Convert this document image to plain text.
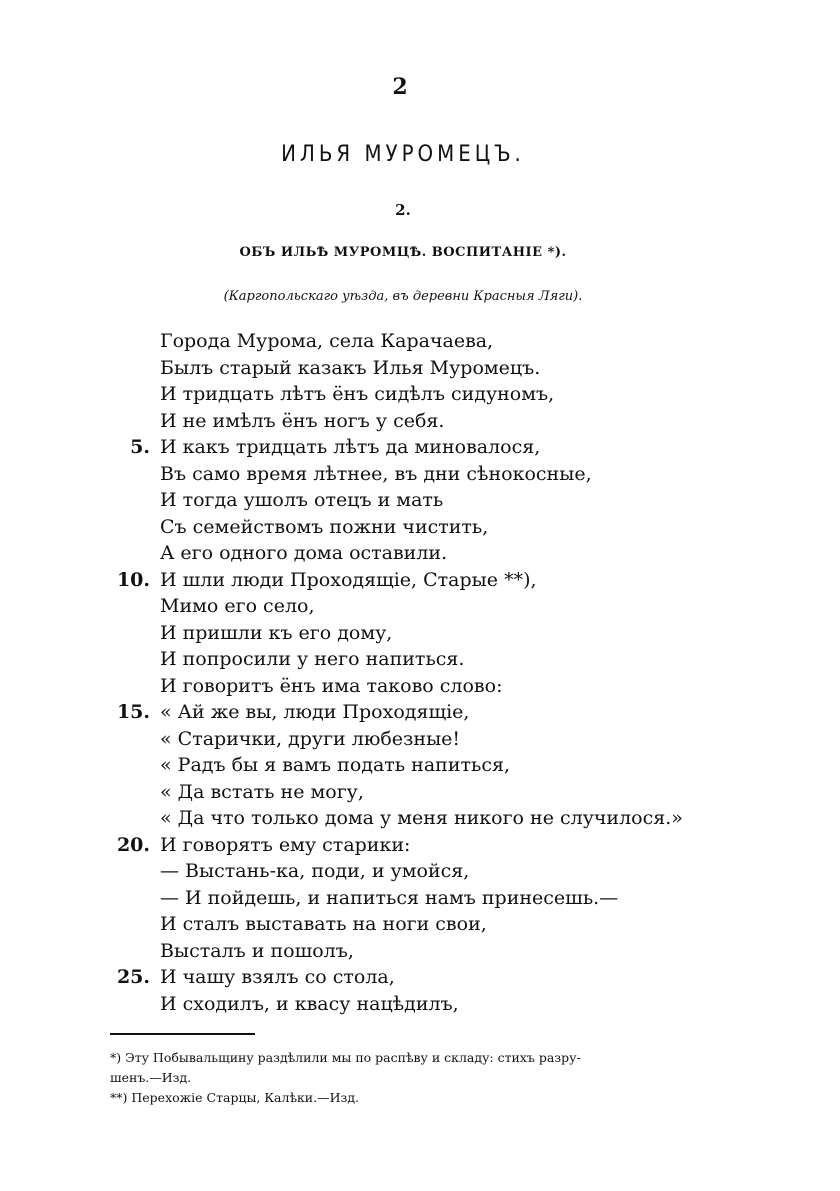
2
ИЛЬЯ МУРОМЕЦЪ.
2.
ОБЪ ИЛЬѢ МУРОМЦѢ. ВОСПИТАНІЕ *).
(Каргопольскаго уѣзда, въ деревни Красныя Ляги).
Города Мурома, села Карачаева,
Былъ старый казакъ Илья Муромецъ.
И тридцать лѣтъ ёнъ сидѣлъ сидуномъ,
И не имѣлъ ёнъ ногъ у себя.
5. И какъ тридцать лѣтъ да миновалося,
Въ само время лѣтнее, въ дни сѣнокосные,
И тогда ушолъ отецъ и мать
Съ семействомъ пожни чистить,
А его одного дома оставили.
10. И шли люди Проходящіе, Старые **),
Мимо его село,
И пришли къ его дому,
И попросили у него напиться.
И говоритъ ёнъ има таково слово:
15. « Ай же вы, люди Проходящіе,
« Старички, други любезные!
« Радъ бы я вамъ подать напиться,
« Да встать не могу,
« Да что только дома у меня никого не случилося.»
20. И говорятъ ему старики:
— Выстань-ка, поди, и умойся,
— И пойдешь, и напиться намъ принесешь.—
И сталъ выставать на ноги свои,
Высталъ и пошолъ,
25. И чашу взялъ со стола,
И сходилъ, и квасу нацѣдилъ,
*) Эту Побывальщину раздѣлили мы по распѣву и складу: стихъ разру-
шенъ.—Изд.
**) Перехожіе Старцы, Калѣки.—Изд.
